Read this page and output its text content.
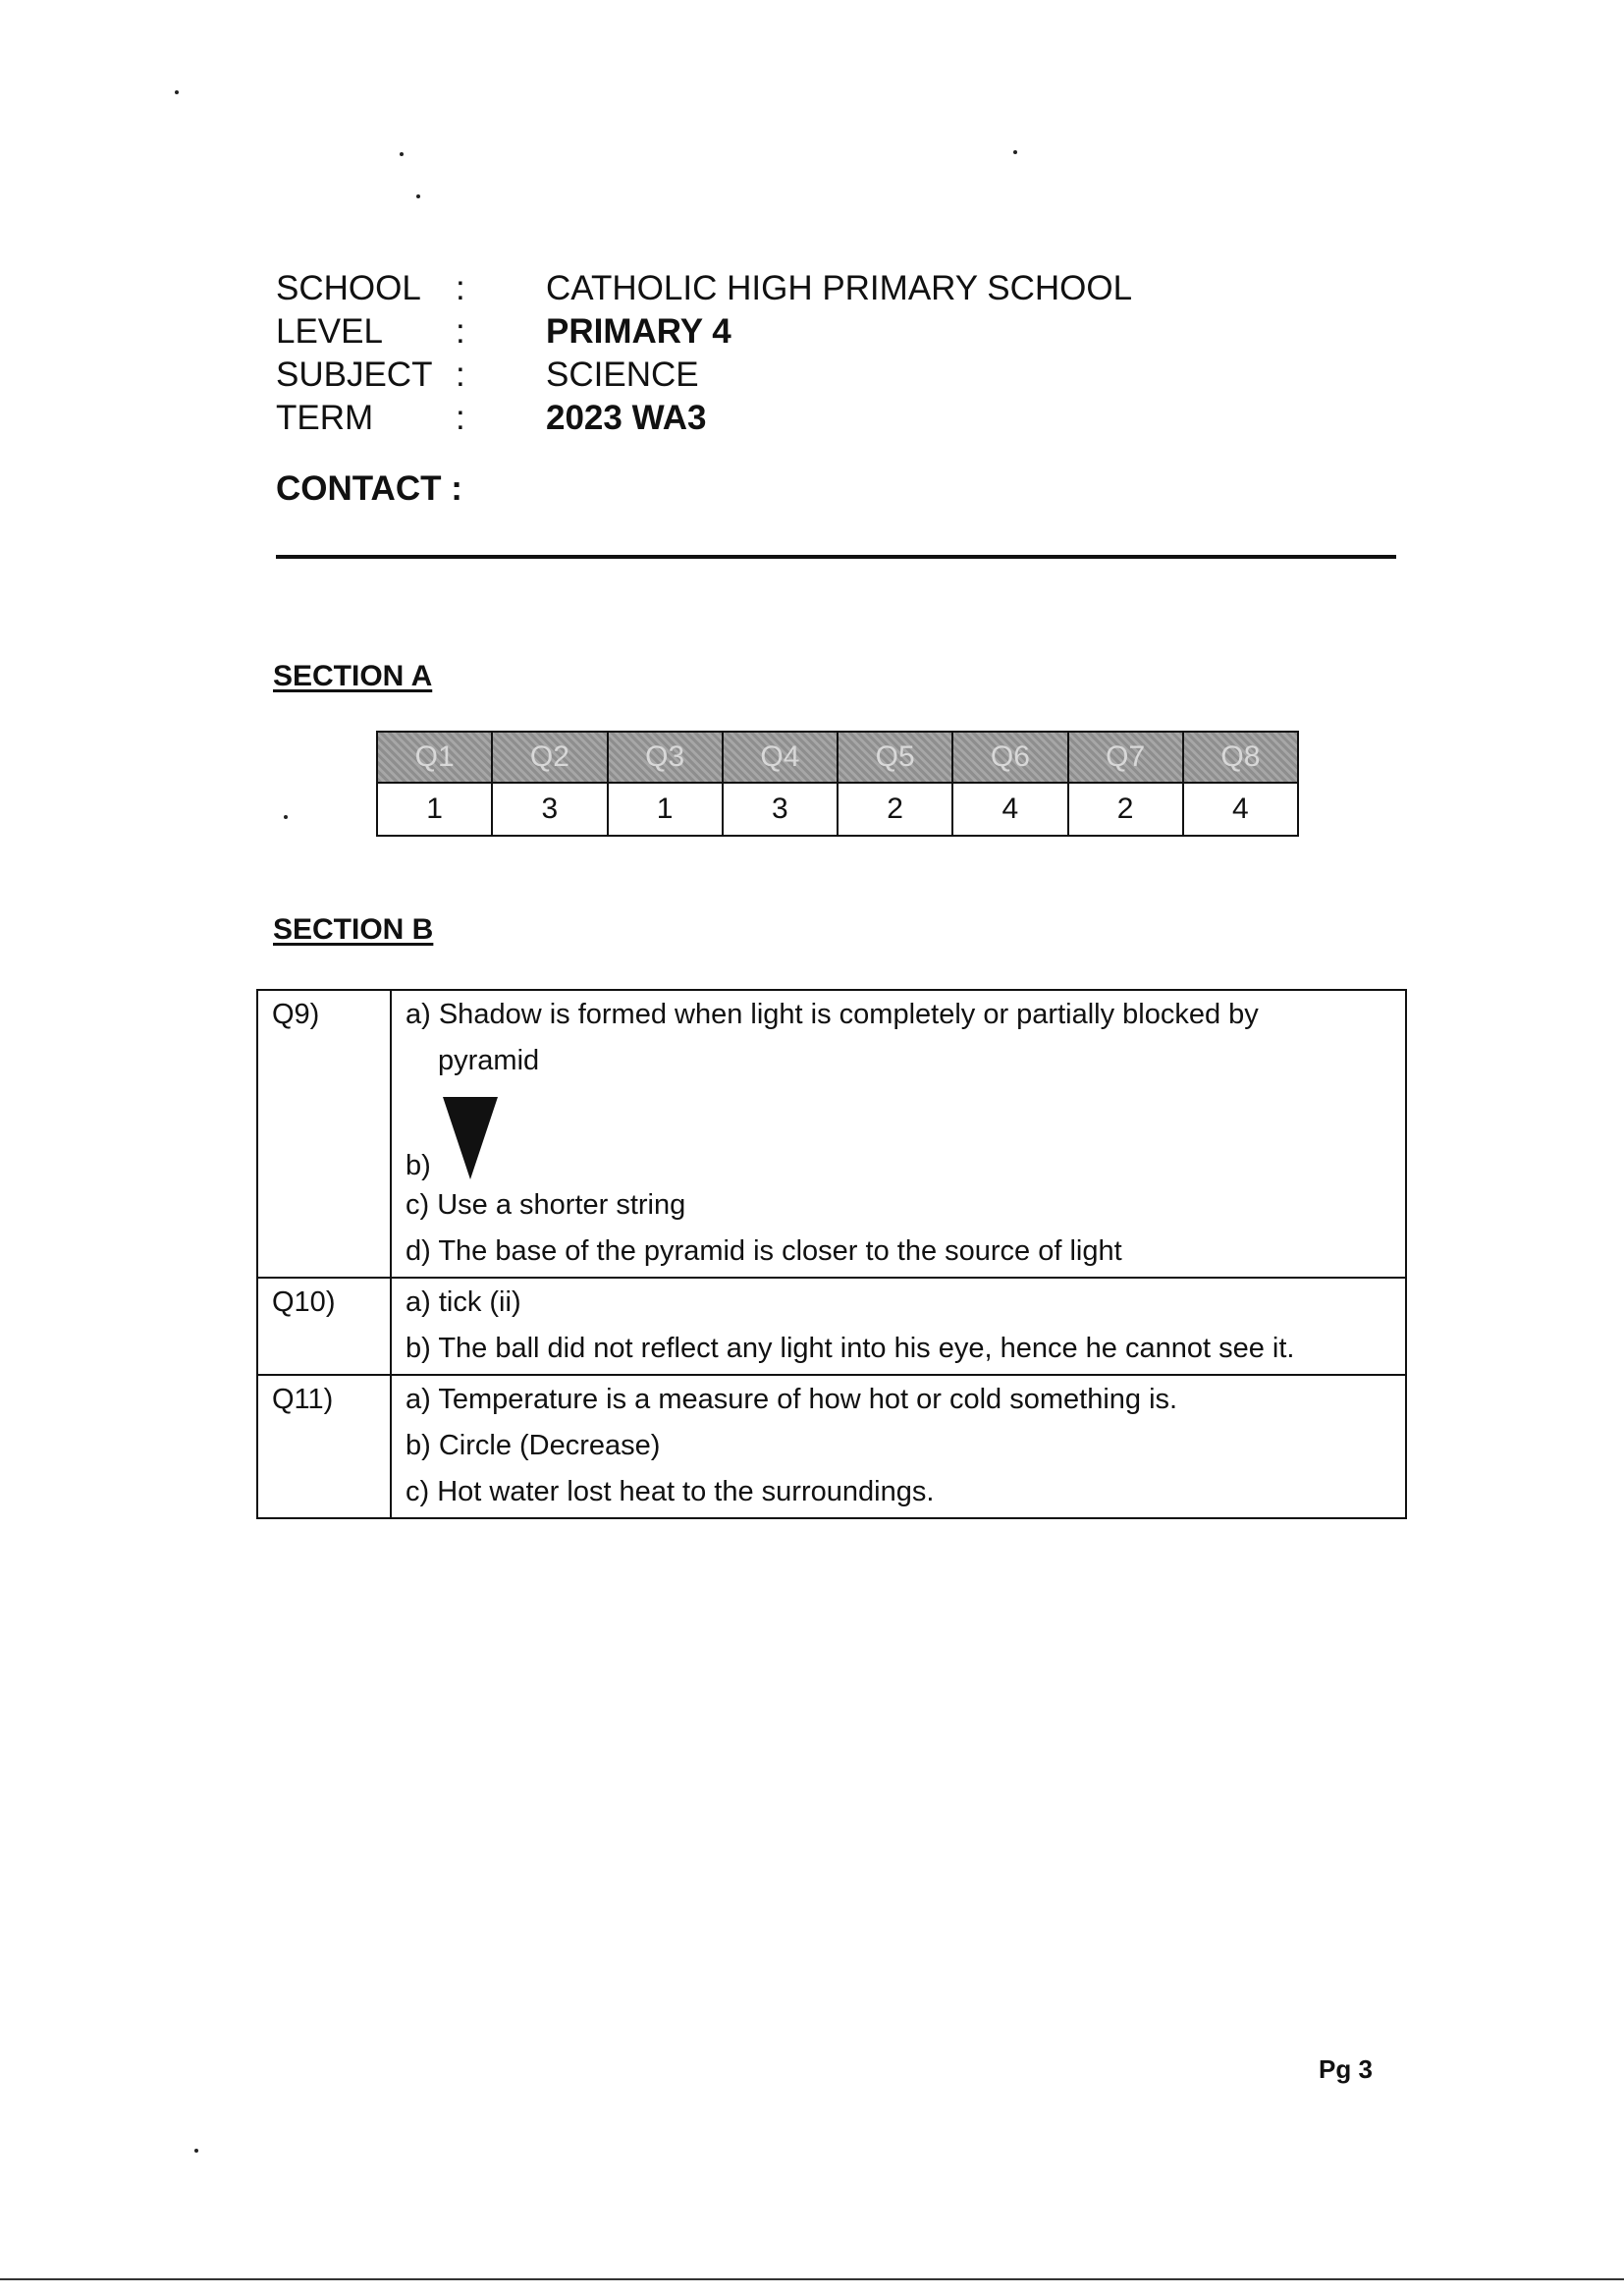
SCHOOL : CATHOLIC HIGH PRIMARY SCHOOL
LEVEL : PRIMARY 4
SUBJECT : SCIENCE
TERM : 2023 WA3
CONTACT :
SECTION A
Q1	Q2	Q3	Q4	Q5	Q6	Q7	Q8
1	3	1	3	2	4	2	4
SECTION B
Q9)	a) Shadow is formed when light is completely or partially blocked by
pyramid
b)
c) Use a shorter string
d) The base of the pyramid is closer to the source of light

Q10)	a) tick (ii)
b) The ball did not reflect any light into his eye, hence he cannot see it.

Q11)	a) Temperature is a measure of how hot or cold something is.
b) Circle (Decrease)
c) Hot water lost heat to the surroundings.
Pg 3
